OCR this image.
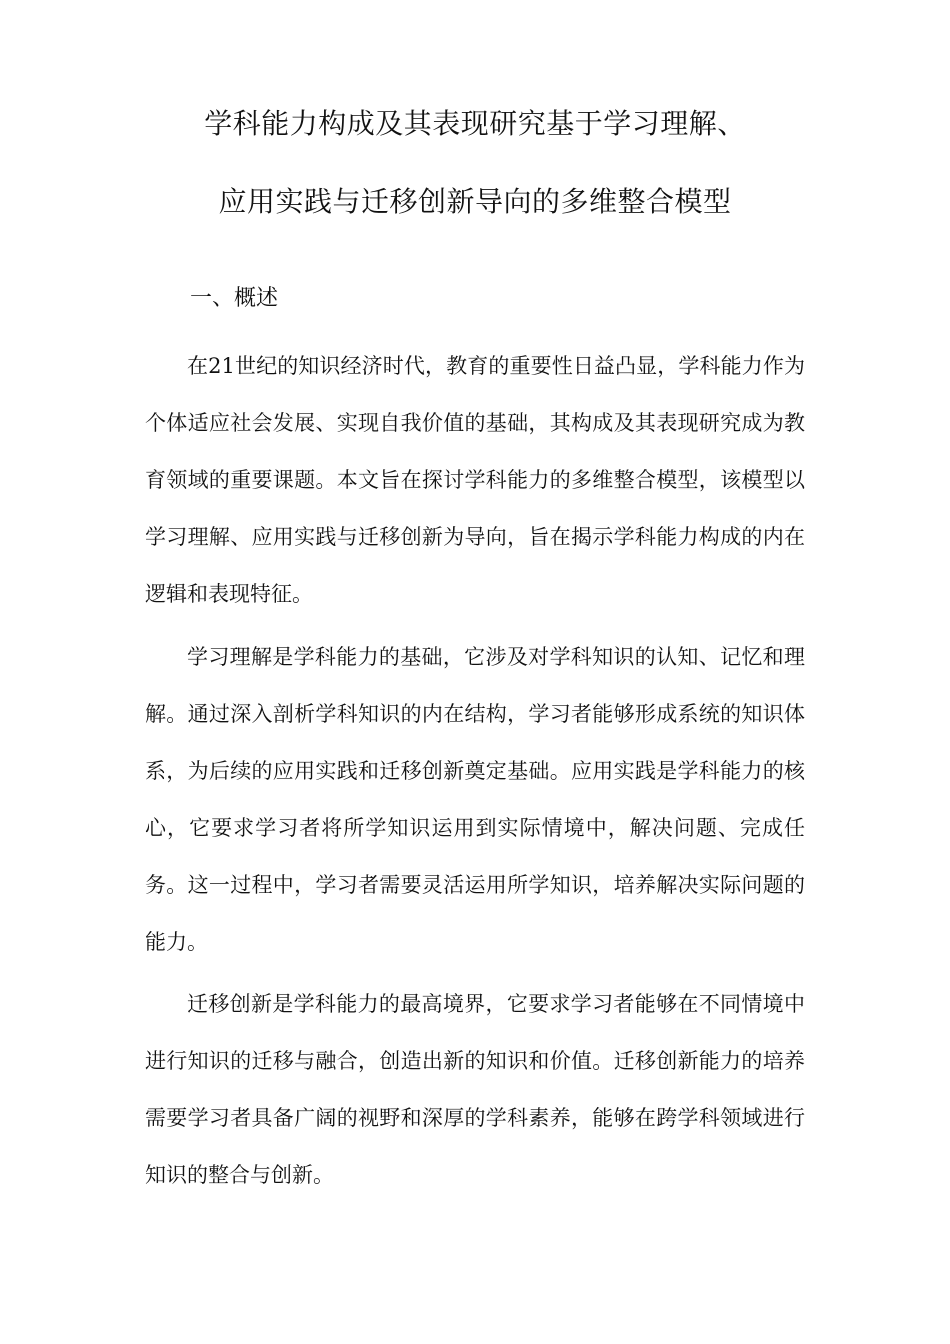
学科能力构成及其表现研究基于学习理解、
应用实践与迁移创新导向的多维整合模型
一、概述

在21世纪的知识经济时代，教育的重要性日益凸显，学科能力作为个体适应社会发展、实现自我价值的基础，其构成及其表现研究成为教育领域的重要课题。本文旨在探讨学科能力的多维整合模型，该模型以学习理解、应用实践与迁移创新为导向，旨在揭示学科能力构成的内在逻辑和表现特征。

学习理解是学科能力的基础，它涉及对学科知识的认知、记忆和理解。通过深入剖析学科知识的内在结构，学习者能够形成系统的知识体系，为后续的应用实践和迁移创新奠定基础。应用实践是学科能力的核心，它要求学习者将所学知识运用到实际情境中，解决问题、完成任务。这一过程中，学习者需要灵活运用所学知识，培养解决实际问题的能力。

迁移创新是学科能力的最高境界，它要求学习者能够在不同情境中进行知识的迁移与融合，创造出新的知识和价值。迁移创新能力的培养需要学习者具备广阔的视野和深厚的学科素养，能够在跨学科领域进行知识的整合与创新。
